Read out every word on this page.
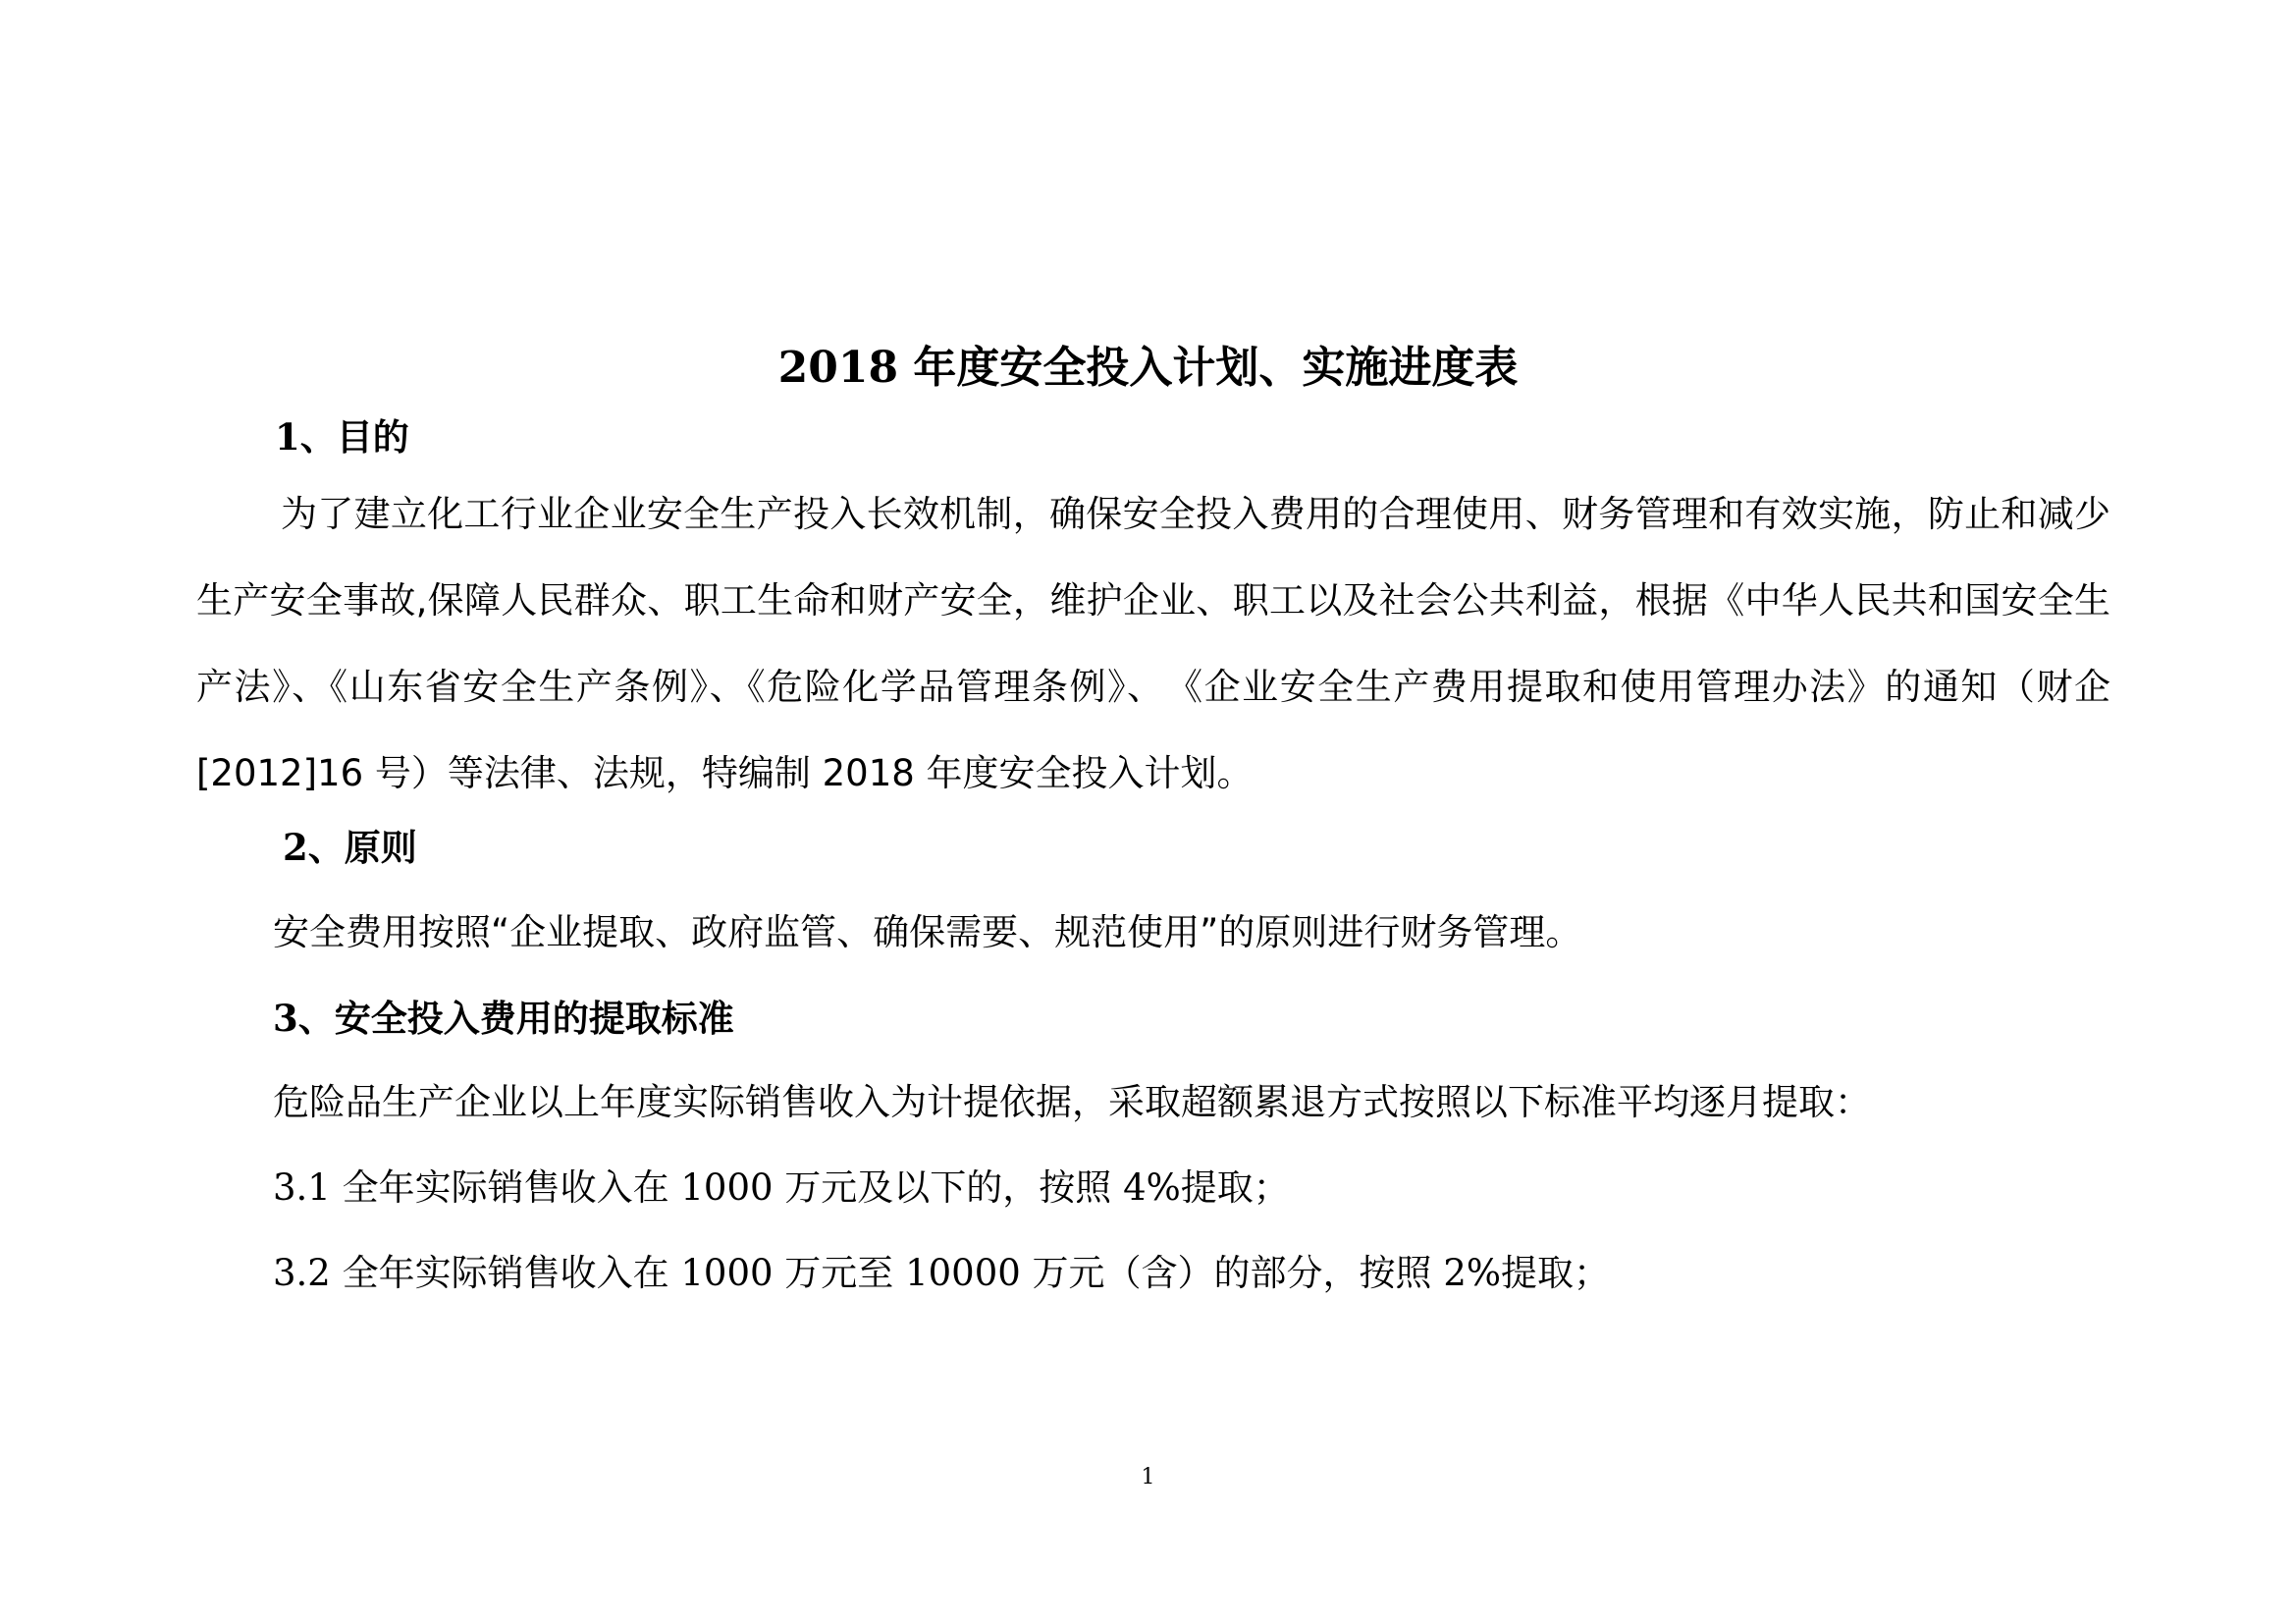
2018 年度安全投入计划、实施进度表
1、目的

为了建立化工行业企业安全生产投入长效机制，确保安全投入费用的合理使用、财务管理和有效实施，防止和减少生产安全事故,保障人民群众、职工生命和财产安全，维护企业、职工以及社会公共利益，根据《中华人民共和国安全生产法》、《山东省安全生产条例》、《危险化学品管理条例》、　《企业安全生产费用提取和使用管理办法》的通知（财企[2012]16 号）等法律、法规，特编制 2018 年度安全投入计划。

2、原则
安全费用按照“企业提取、政府监管、确保需要、规范使用”的原则进行财务管理。
3、安全投入费用的提取标准
危险品生产企业以上年度实际销售收入为计提依据，采取超额累退方式按照以下标准平均逐月提取：
3.1 全年实际销售收入在 1000 万元及以下的，按照 4%提取；
3.2 全年实际销售收入在 1000 万元至 10000 万元（含）的部分，按照 2%提取；
1
